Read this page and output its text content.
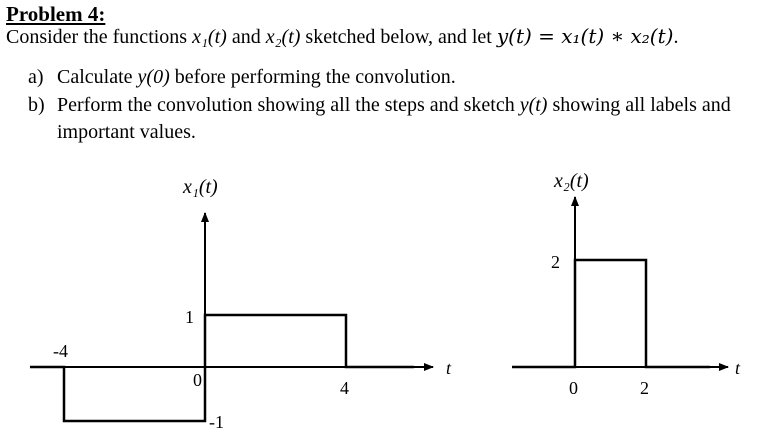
Problem 4:
Consider the functions x₁(t) and x₂(t) sketched below, and let y(t) = x₁(t) ∗ x₂(t).
a) Calculate y(0) before performing the convolution.
b) Perform the convolution showing all the steps and sketch y(t) showing all labels and
important values.
x₁(t)
t
-4
0	4
1
-1
x₂(t)
t
2
0	2
